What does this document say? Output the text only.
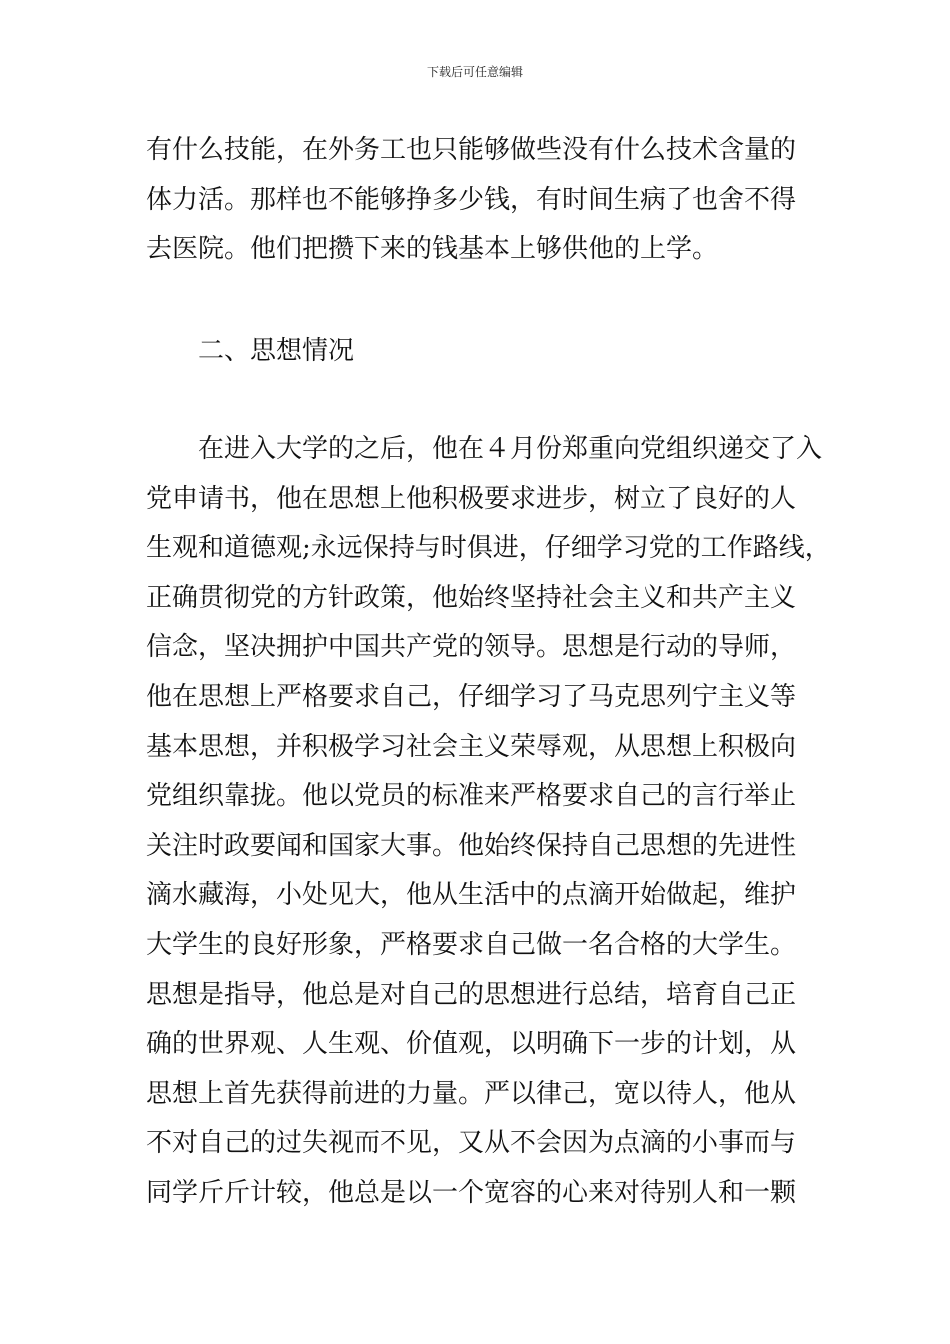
下载后可任意编辑
有什么技能，在外务工也只能够做些没有什么技术含量的
体力活。那样也不能够挣多少钱，有时间生病了也舍不得
去医院。他们把攒下来的钱基本上够供他的上学。
二、思想情况
在进入大学的之后，他在４月份郑重向党组织递交了入
党申请书，他在思想上他积极要求进步，树立了良好的人
生观和道德观;永远保持与时俱进，仔细学习党的工作路线，
正确贯彻党的方针政策，他始终坚持社会主义和共产主义
信念，坚决拥护中国共产党的领导。思想是行动的导师，
他在思想上严格要求自己，仔细学习了马克思列宁主义等
基本思想，并积极学习社会主义荣辱观，从思想上积极向
党组织靠拢。他以党员的标准来严格要求自己的言行举止
关注时政要闻和国家大事。他始终保持自己思想的先进性
滴水藏海，小处见大，他从生活中的点滴开始做起，维护
大学生的良好形象，严格要求自己做一名合格的大学生。
思想是指导，他总是对自己的思想进行总结，培育自己正
确的世界观、人生观、价值观，以明确下一步的计划，从
思想上首先获得前进的力量。严以律己，宽以待人，他从
不对自己的过失视而不见，又从不会因为点滴的小事而与
同学斤斤计较，他总是以一个宽容的心来对待别人和一颗
